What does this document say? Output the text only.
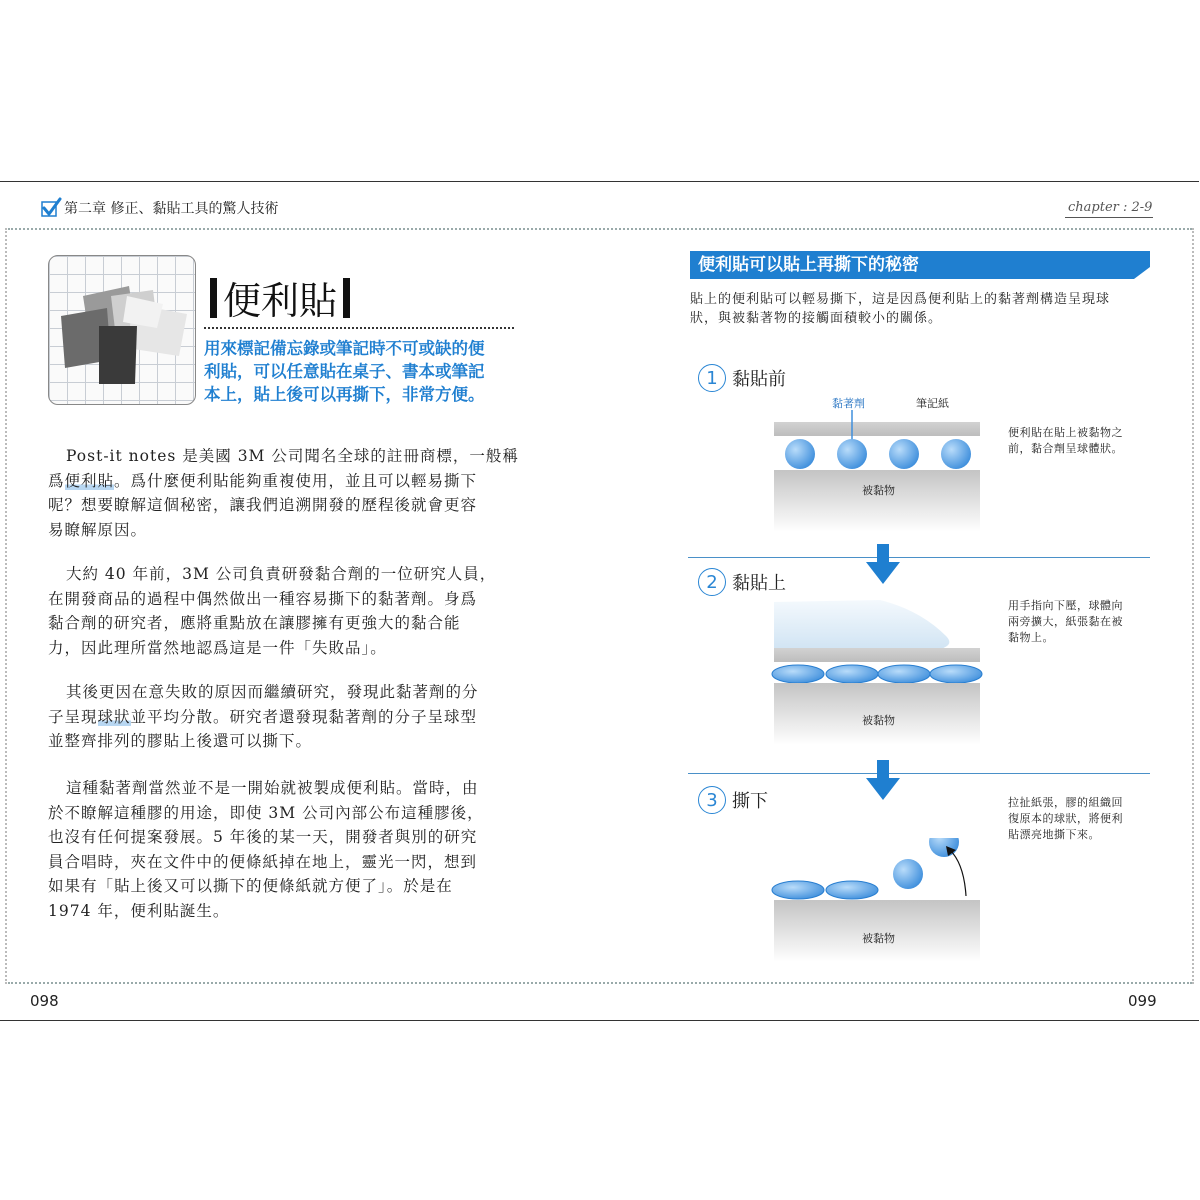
第二章 修正、黏貼工具的驚人技術	chapter : 2-9
便利貼
用來標記備忘錄或筆記時不可或缺的便
利貼，可以任意貼在桌子、書本或筆記
本上，貼上後可以再撕下，非常方便。
Post-it notes 是美國 3M 公司聞名全球的註冊商標，一般稱
爲便利貼。爲什麼便利貼能夠重複使用，並且可以輕易撕下
呢？想要瞭解這個秘密，讓我們追溯開發的歷程後就會更容
易瞭解原因。
大約 40 年前，3M 公司負責研發黏合劑的一位研究人員，
在開發商品的過程中偶然做出一種容易撕下的黏著劑。身爲
黏合劑的研究者，應將重點放在讓膠擁有更強大的黏合能
力，因此理所當然地認爲這是一件「失敗品」。
其後更因在意失敗的原因而繼續研究，發現此黏著劑的分
子呈現球狀並平均分散。研究者還發現黏著劑的分子呈球型
並整齊排列的膠貼上後還可以撕下。
這種黏著劑當然並不是一開始就被製成便利貼。當時，由
於不瞭解這種膠的用途，即使 3M 公司內部公布這種膠後，
也沒有任何提案發展。5 年後的某一天，開發者與別的研究
員合唱時，夾在文件中的便條紙掉在地上，靈光一閃，想到
如果有「貼上後又可以撕下的便條紙就方便了」。於是在
1974 年，便利貼誕生。
098
便利貼可以貼上再撕下的秘密
貼上的便利貼可以輕易撕下，這是因爲便利貼上的黏著劑構造呈現球
狀，與被黏著物的接觸面積較小的關係。
1 黏貼前
便利貼在貼上被黏物之
前，黏合劑呈球體狀。
黏著劑	筆記紙
被黏物
2 黏貼上
用手指向下壓，球體向
兩旁擴大，紙張黏在被
黏物上。
被黏物
3 撕下	拉扯紙張，膠的組織回
復原本的球狀，將便利
貼漂亮地撕下來。
被黏物
099
